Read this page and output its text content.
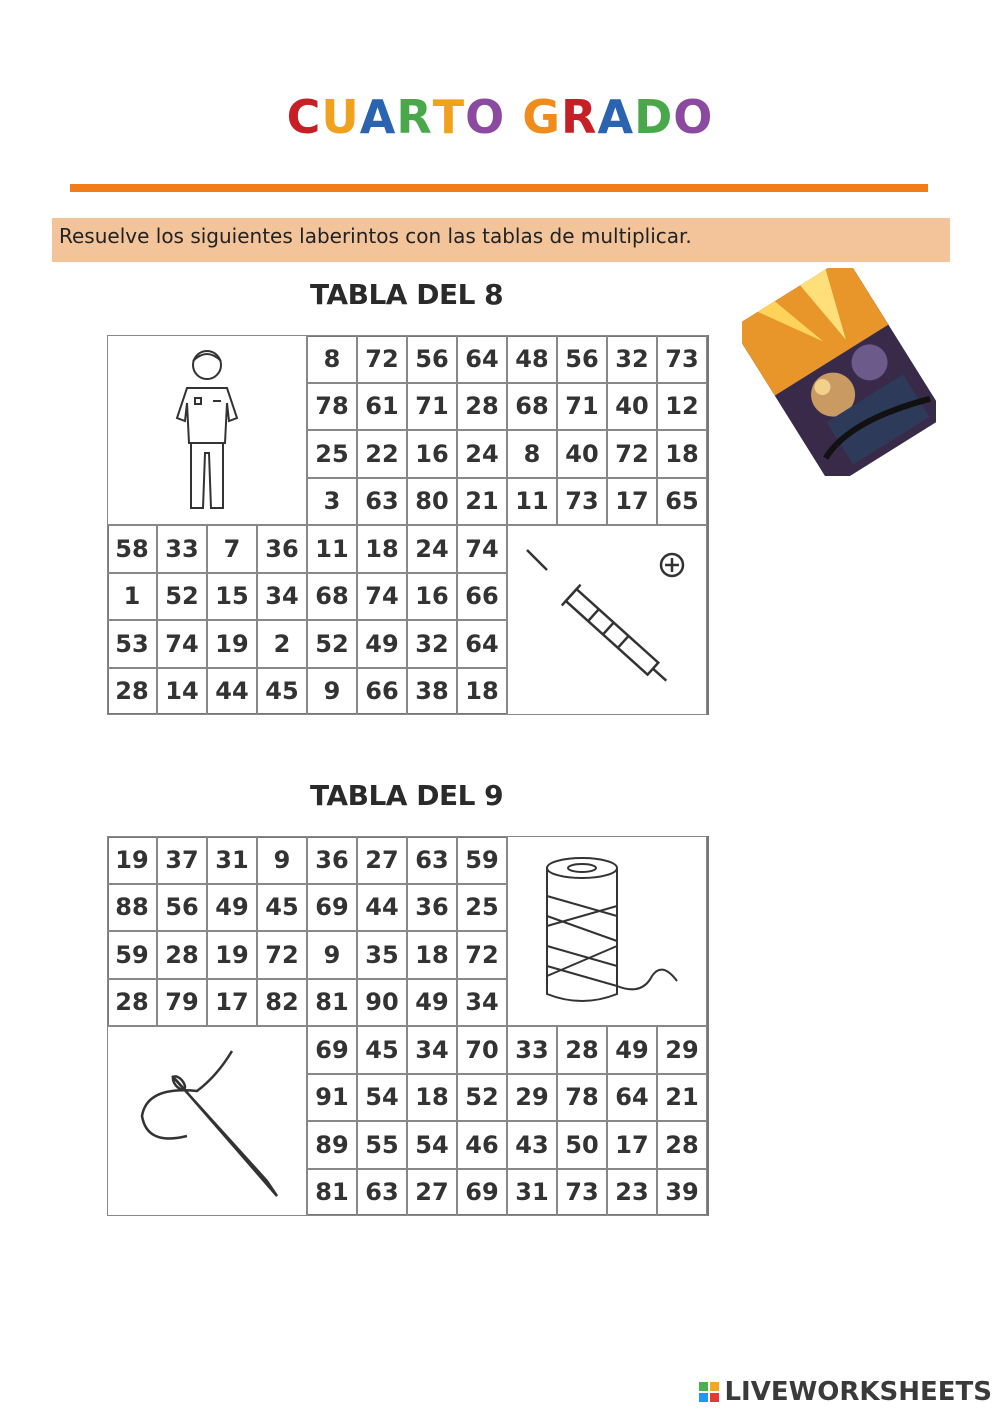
CUARTO GRADO
Resuelve los siguientes laberintos con las tablas de multiplicar.
TABLA DEL 8
8	72 56 64 48 56 32 73
78 61 71 28 68 71 40 12
25 22 16 24	8	40 72 18
3	63 80 21 11 73 17 65
58 33	7	36 11 18 24 74
1	52 15 34 68 74 16 66
53 74 19	2	52 49 32 64
28 14 44 45	9	66 38 18
TABLA DEL 9
19 37 31	9	36 27 63 59
88 56 49 45 69 44 36 25
59 28 19 72	9	35 18 72
28 79 17 82 81 90 49 34
69 45 34 70 33 28 49 29
91 54 18 52 29 78 64 21
89 55 54 46 43 50 17 28
81 63 27 69 31 73 23 39
LIVEWORKSHEETS
